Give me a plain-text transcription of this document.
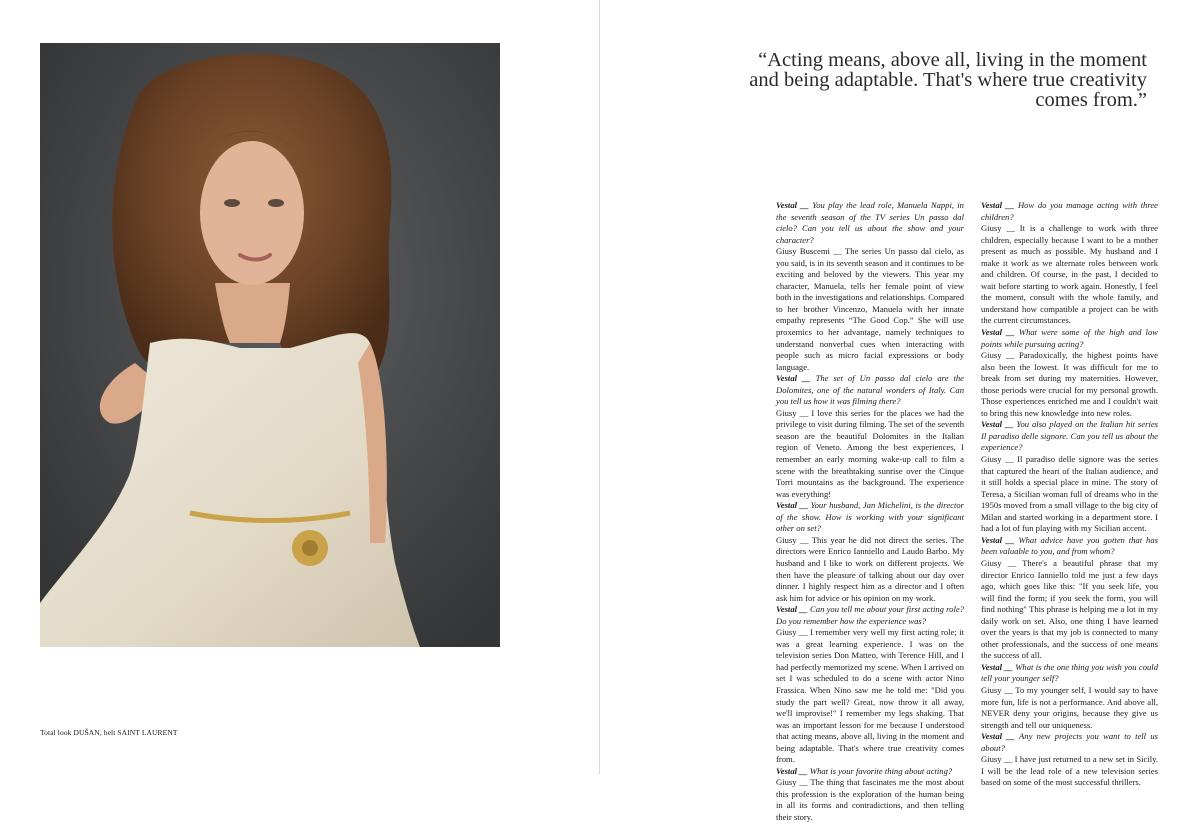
Total look DUŠAN, belt SAINT LAURENT
“Acting means, above all, living in the moment
and being adaptable. That's where true creativity
comes from.”

Vestal __ You play the lead role, Manuela Nappi, in the seventh season of the TV series Un passo dal cielo? Can you tell us about the show and your character?

Giusy Buscemi __ The series Un passo dal cielo, as you said, is in its seventh season and it continues to be exciting and beloved by the viewers. This year my character, Manuela, tells her female point of view both in the investigations and relationships. Compared to her brother Vincenzo, Manuela with her innate empathy represents “The Good Cop.” She will use proxemics to her advantage, namely techniques to understand nonverbal cues when interacting with people such as micro facial expressions or body language.

Vestal __ The set of Un passo dal cielo are the Dolomites, one of the natural wonders of Italy. Can you tell us how it was filming there?

Giusy __ I love this series for the places we had the privilege to visit during filming. The set of the seventh season are the beautiful Dolomites in the Italian region of Veneto. Among the best experiences, I remember an early morning wake-up call to film a scene with the breathtaking sunrise over the Cinque Torri mountains as the background. The experience was everything!

Vestal __ Your husband, Jan Michelini, is the director of the show. How is working with your significant other on set?

Giusy __ This year he did not direct the series. The directors were Enrico Ianniello and Laudo Barbo. My husband and I like to work on different projects. We then have the pleasure of talking about our day over dinner. I highly respect him as a director and I often ask him for advice or his opinion on my work.

Vestal __ Can you tell me about your first acting role? Do you remember how the experience was?

Giusy __ I remember very well my first acting role; it was a great learning experience. I was on the television series Don Matteo, with Terence Hill, and I had perfectly memorized my scene. When I arrived on set I was scheduled to do a scene with actor Nino Frassica. When Nino saw me he told me: "Did you study the part well? Great, now throw it all away, we'll improvise!" I remember my legs shaking. That was an important lesson for me because I understood that acting means, above all, living in the moment and being adaptable. That's where true creativity comes from.

Vestal __ What is your favorite thing about acting?

Giusy __ The thing that fascinates me the most about this profession is the exploration of the human being in all its forms and contradictions, and then telling their story.

Vestal __ How do you manage acting with three children?

Giusy __ It is a challenge to work with three children, especially because I want to be a mother present as much as possible. My husband and I make it work as we alternate roles between work and children. Of course, in the past, I decided to wait before starting to work again. Honestly, I feel the moment, consult with the whole family, and understand how compatible a project can be with the current circumstances.

Vestal __ What were some of the high and low points while pursuing acting?

Giusy __ Paradoxically, the highest points have also been the lowest. It was difficult for me to break from set during my maternities. However, those periods were crucial for my personal growth. Those experiences enriched me and I couldn't wait to bring this new knowledge into new roles.

Vestal __ You also played on the Italian hit series Il paradiso delle signore. Can you tell us about the experience?

Giusy __ Il paradiso delle signore was the series that captured the heart of the Italian audience, and it still holds a special place in mine. The story of Teresa, a Sicilian woman full of dreams who in the 1950s moved from a small village to the big city of Milan and started working in a department store. I had a lot of fun playing with my Sicilian accent.

Vestal __ What advice have you gotten that has been valuable to you, and from whom?

Giusy __ There's a beautiful phrase that my director Enrico Ianniello told me just a few days ago, which goes like this: "If you seek life, you will find the form; if you seek the form, you will find nothing" This phrase is helping me a lot in my daily work on set. Also, one thing I have learned over the years is that my job is connected to many other professionals, and the success of one means the success of all.

Vestal __ What is the one thing you wish you could tell your younger self?

Giusy __ To my younger self, I would say to have more fun, life is not a performance. And above all, NEVER deny your origins, because they give us strength and tell our uniqueness.

Vestal __ Any new projects you want to tell us about?

Giusy __ I have just returned to a new set in Sicily. I will be the lead role of a new television series based on some of the most successful thrillers.
